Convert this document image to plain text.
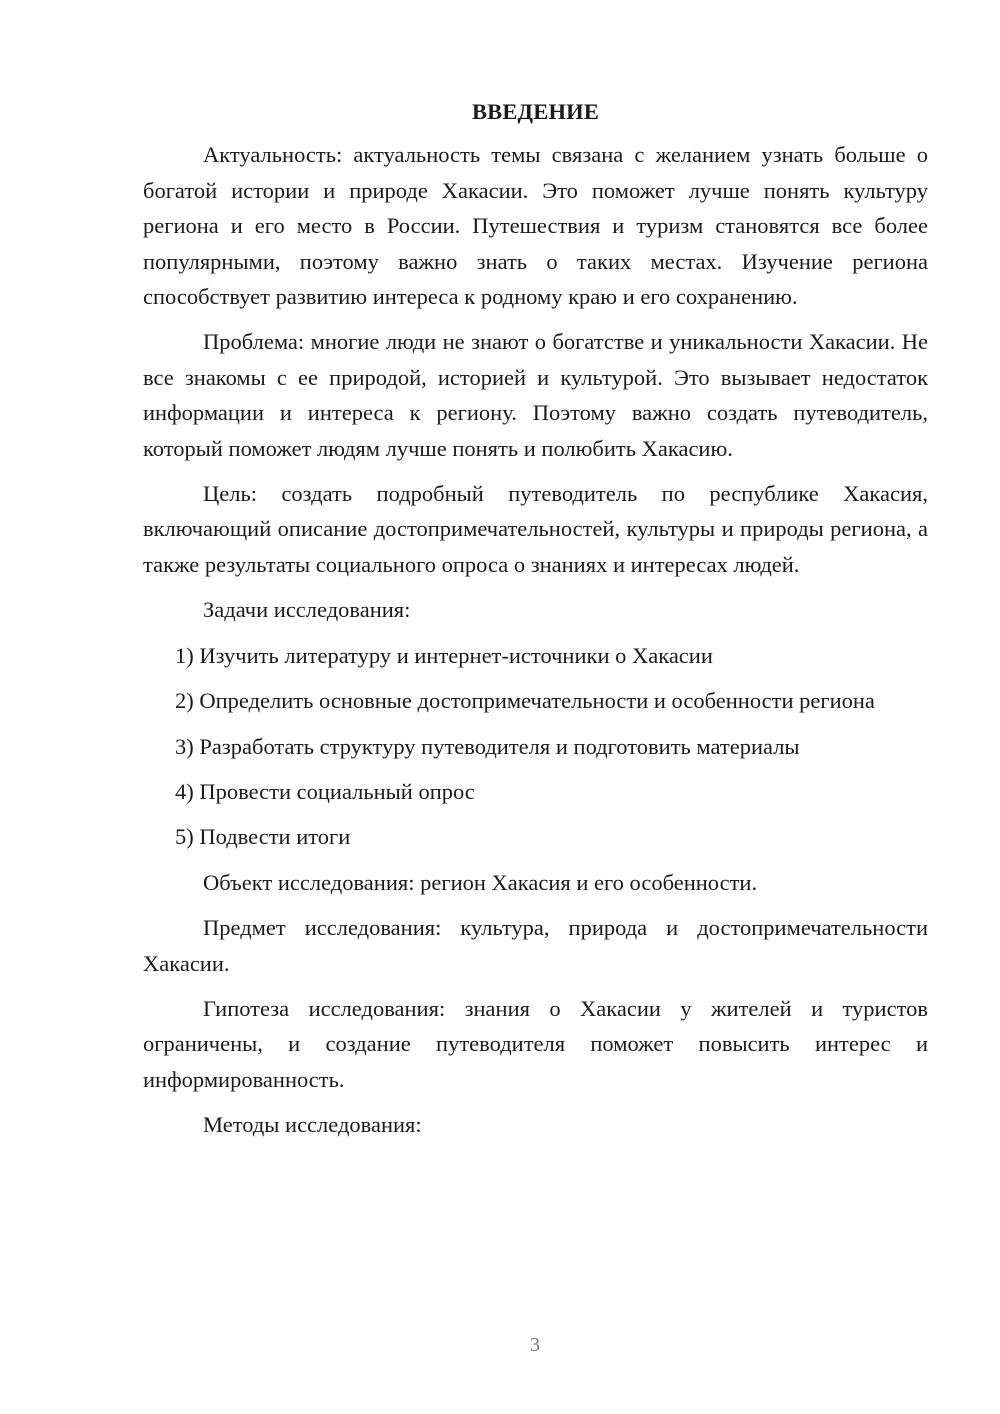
ВВЕДЕНИЕ

Актуальность: актуальность темы связана с желанием узнать больше о богатой истории и природе Хакасии. Это поможет лучше понять культуру региона и его место в России. Путешествия и туризм становятся все более популярными, поэтому важно знать о таких местах. Изучение региона способствует развитию интереса к родному краю и его сохранению.

Проблема: многие люди не знают о богатстве и уникальности Хакасии. Не все знакомы с ее природой, историей и культурой. Это вызывает недостаток информации и интереса к региону. Поэтому важно создать путеводитель, который поможет людям лучше понять и полюбить Хакасию.

Цель: создать подробный путеводитель по республике Хакасия, включающий описание достопримечательностей, культуры и природы региона, а также результаты социального опроса о знаниях и интересах людей.

Задачи исследования:

1) Изучить литературу и интернет-источники о Хакасии

2) Определить основные достопримечательности и особенности региона

3) Разработать структуру путеводителя и подготовить материалы

4) Провести социальный опрос

5) Подвести итоги

Объект исследования: регион Хакасия и его особенности.

Предмет исследования: культура, природа и достопримечательности Хакасии.

Гипотеза исследования: знания о Хакасии у жителей и туристов ограничены, и создание путеводителя поможет повысить интерес и информированность.

Методы исследования:

3
